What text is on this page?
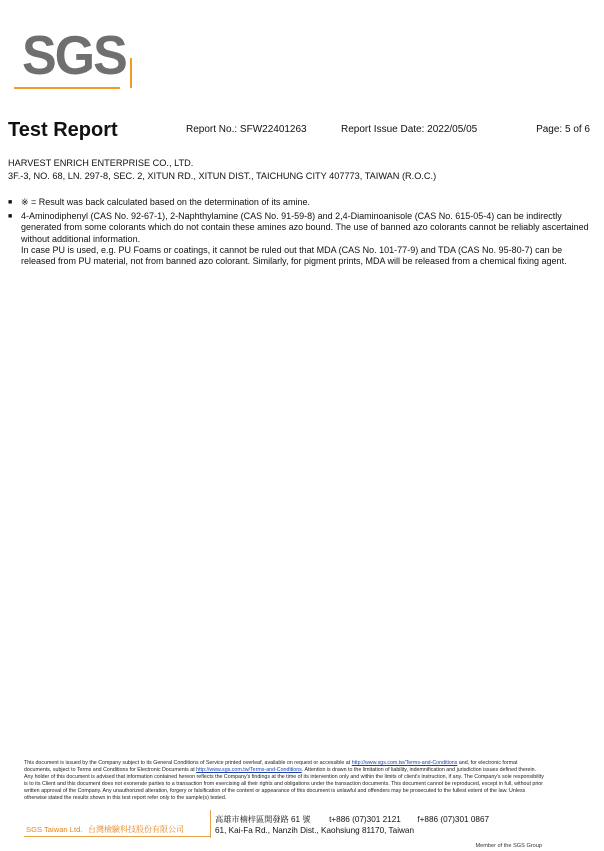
SGS
Test Report	Report No.: SFW22401263	Report Issue Date: 2022/05/05	Page: 5 of 6
HARVEST ENRICH ENTERPRISE CO., LTD.
3F.-3, NO. 68, LN. 297-8, SEC. 2, XITUN RD., XITUN DIST., TAICHUNG CITY 407773, TAIWAN (R.O.C.)
■ ※ = Result was back calculated based on the determination of its amine.

■ 4-Aminodiphenyl (CAS No. 92-67-1), 2-Naphthylamine (CAS No. 91-59-8) and 2,4-Diaminoanisole (CAS No. 615-05-4) can be indirectly generated from some colorants which do not contain these amines azo bound. The use of banned azo colorants cannot be reliably ascertained without additional information.

In case PU is used, e.g. PU Foams or coatings, it cannot be ruled out that MDA (CAS No. 101-77-9) and TDA (CAS No. 95-80-7) can be released from PU material, not from banned azo colorant. Similarly, for pigment prints, MDA will be released from a chemical fixing agent.

This document is issued by the Company subject to its General Conditions of Service printed overleaf, available on request or accessible at http://www.sgs.com.tw/Terms-and-Conditions and, for electronic format documents, subject to Terms and Conditions for Electronic Documents at http://www.sgs.com.tw/Terms-and-Conditions. Attention is drawn to the limitation of liability, indemnification and jurisdiction issues defined therein. Any holder of this document is advised that information contained hereon reflects the Company's findings at the time of its intervention only and within the limits of client's instruction, if any. The Company's sole responsibility is to its Client and this document does not exonerate parties to a transaction from exercising all their rights and obligations under the transaction documents. This document cannot be reproduced, except in full, without prior written approval of the Company. Any unauthorized alteration, forgery or falsification of the content or appearance of this document is unlawful and offenders may be prosecuted to the fullest extent of the law. Unless otherwise stated the results shown in this test report refer only to the sample(s) tested.
SGS Taiwan Ltd. 台灣檢驗科技股份有限公司
高雄市楠梓區開發路 61 號 t+886 (07)301 2121 f+886 (07)301 0867
61, Kai-Fa Rd., Nanzih Dist., Kaohsiung 81170, Taiwan
Member of the SGS Group
